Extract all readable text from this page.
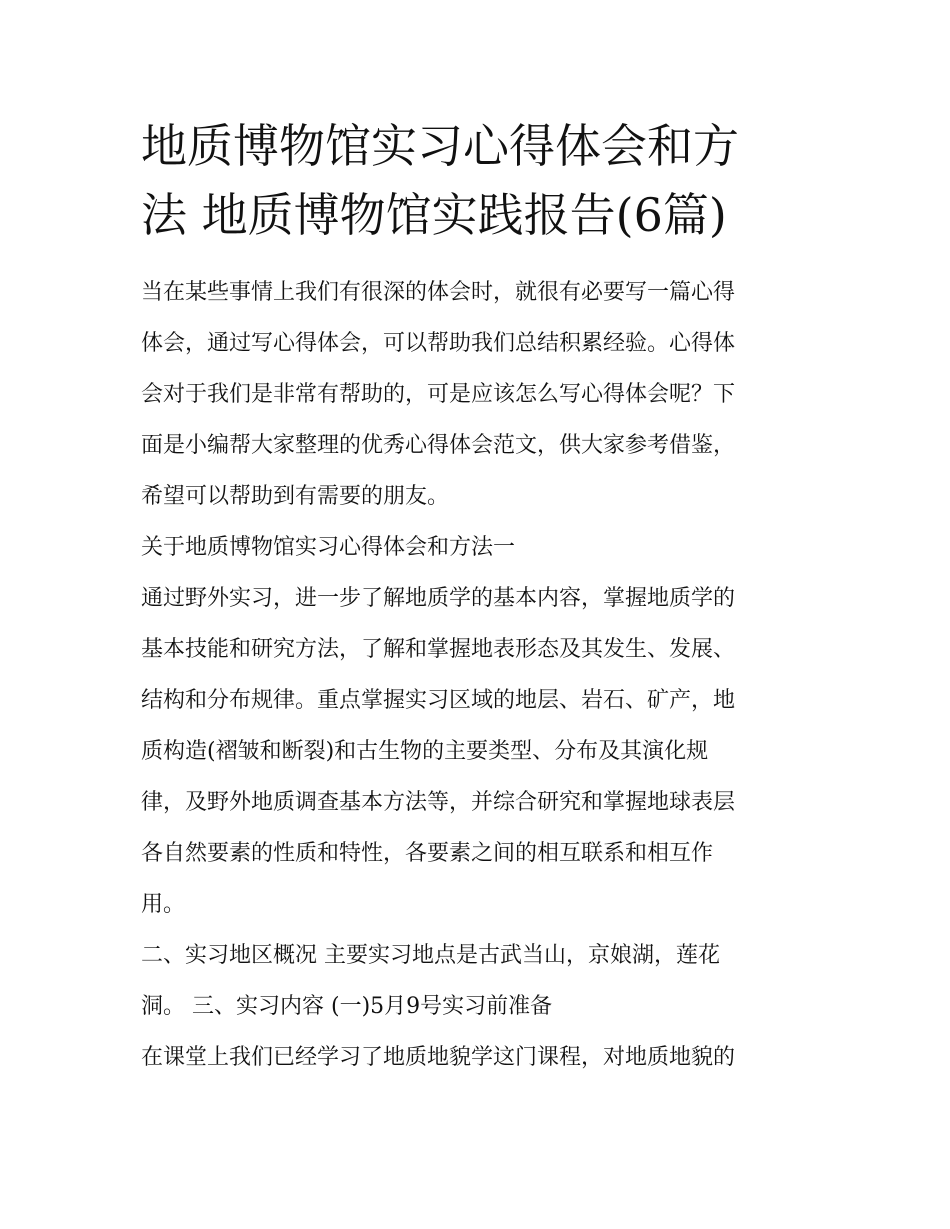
地质博物馆实习心得体会和方
法 地质博物馆实践报告(6篇)

当在某些事情上我们有很深的体会时，就很有必要写一篇心得
体会，通过写心得体会，可以帮助我们总结积累经验。心得体
会对于我们是非常有帮助的，可是应该怎么写心得体会呢？下
面是小编帮大家整理的优秀心得体会范文，供大家参考借鉴，
希望可以帮助到有需要的朋友。

关于地质博物馆实习心得体会和方法一

通过野外实习，进一步了解地质学的基本内容，掌握地质学的
基本技能和研究方法，了解和掌握地表形态及其发生、发展、
结构和分布规律。重点掌握实习区域的地层、岩石、矿产，地
质构造(褶皱和断裂)和古生物的主要类型、分布及其演化规
律，及野外地质调查基本方法等，并综合研究和掌握地球表层
各自然要素的性质和特性，各要素之间的相互联系和相互作
用。

二、实习地区概况 主要实习地点是古武当山，京娘湖，莲花
洞。 三、实习内容 (一)5月9号实习前准备

在课堂上我们已经学习了地质地貌学这门课程，对地质地貌的
